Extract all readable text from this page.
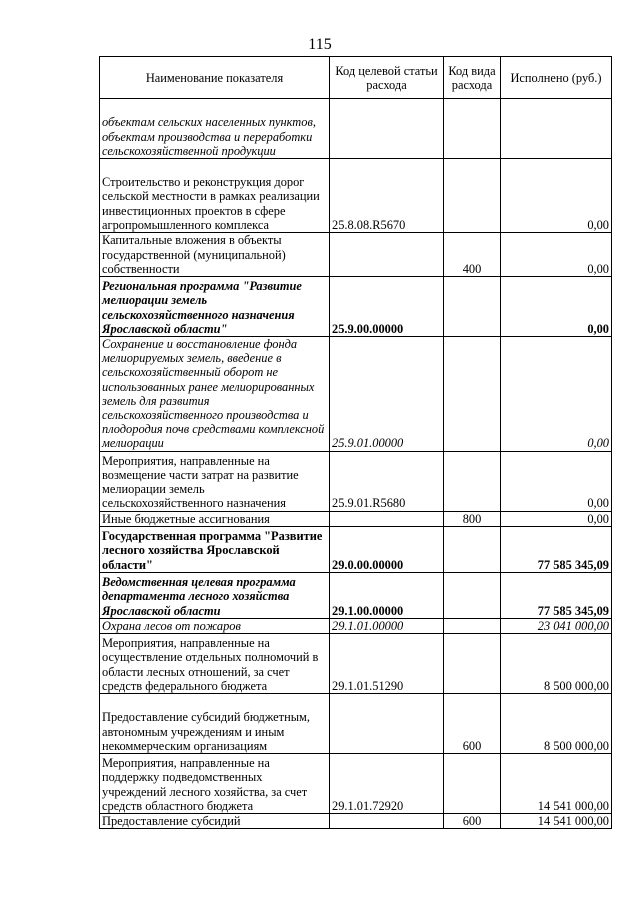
115
Наименование показателя	Код целевой статьи расхода	Код вида расхода	Исполнено (руб.)
объектам сельских населенных пунктов, объектам производства и переработки сельскохозяйственной продукции			
Строительство и реконструкция дорог сельской местности в рамках реализации инвестиционных проектов в сфере агропромышленного комплекса	25.8.08.R5670		0,00
Капитальные вложения в объекты государственной (муниципальной) собственности		400	0,00
Региональная программа "Развитие мелиорации земель сельскохозяйственного назначения Ярославской области"	25.9.00.00000		0,00
Сохранение и восстановление фонда мелиорируемых земель, введение в сельскохозяйственный оборот не использованных ранее мелиорированных земель для развития сельскохозяйственного производства и плодородия почв средствами комплексной мелиорации	25.9.01.00000		0,00
Мероприятия, направленные на возмещение части затрат на развитие мелиорации земель сельскохозяйственного назначения	25.9.01.R5680		0,00
Иные бюджетные ассигнования		800	0,00
Государственная программа "Развитие лесного хозяйства Ярославской области"	29.0.00.00000		77 585 345,09
Ведомственная целевая программа департамента лесного хозяйства Ярославской области	29.1.00.00000		77 585 345,09
Охрана лесов от пожаров	29.1.01.00000		23 041 000,00
Мероприятия, направленные на осуществление отдельных полномочий в области лесных отношений, за счет средств федерального бюджета	29.1.01.51290		8 500 000,00
Предоставление субсидий бюджетным, автономным учреждениям и иным некоммерческим организациям		600	8 500 000,00
Мероприятия, направленные на поддержку подведомственных учреждений лесного хозяйства, за счет средств областного бюджета	29.1.01.72920		14 541 000,00
Предоставление субсидий		600	14 541 000,00
